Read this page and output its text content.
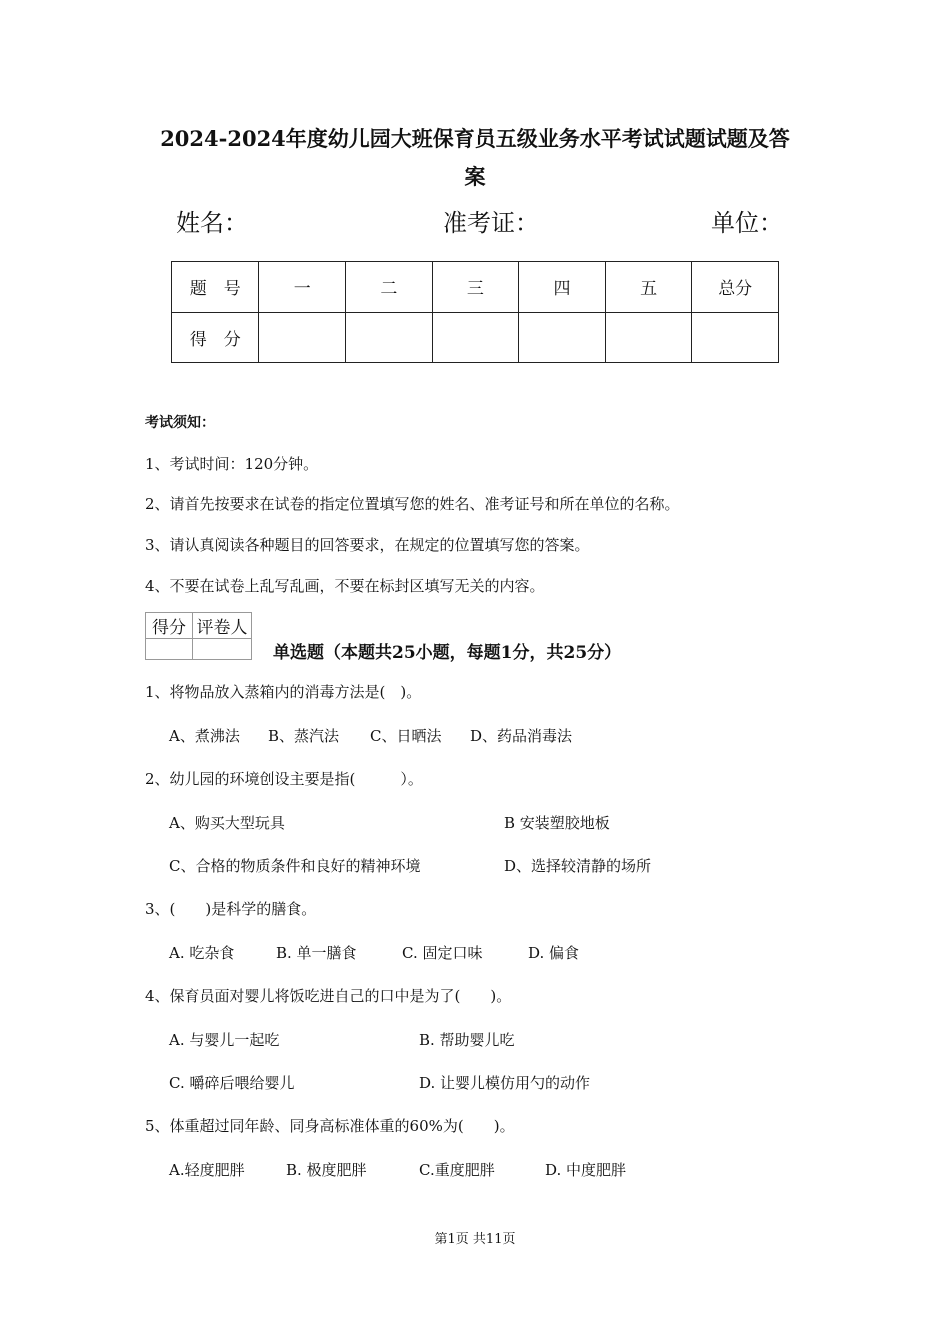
2024-2024年度幼儿园大班保育员五级业务水平考试试题试题及答
案
姓名：	准考证：	单位：
题　号	一	二	三	四	五	总分
得　分						
考试须知：
1、考试时间：120分钟。
2、请首先按要求在试卷的指定位置填写您的姓名、准考证号和所在单位的名称。
3、请认真阅读各种题目的回答要求，在规定的位置填写您的答案。
4、不要在试卷上乱写乱画，不要在标封区填写无关的内容。
得分	评卷人

单选题（本题共25小题，每题1分，共25分）
1、将物品放入蒸箱内的消毒方法是(　)。
A、煮沸法 B、蒸汽法 C、日晒法 D、药品消毒法
2、幼儿园的环境创设主要是指(　　　）。
A、购买大型玩具	B 安装塑胶地板
C、合格的物质条件和良好的精神环境	D、选择较清静的场所
3、(　　)是科学的膳食。
A. 吃杂食	B. 单一膳食	C. 固定口味	D. 偏食
4、保育员面对婴儿将饭吃进自己的口中是为了(　　)。
A. 与婴儿一起吃	B. 帮助婴儿吃
C. 嚼碎后喂给婴儿	D. 让婴儿模仿用勺的动作
5、体重超过同年龄、同身高标准体重的60%为(　　)。
A.轻度肥胖	B. 极度肥胖	C.重度肥胖	D. 中度肥胖
第1页 共11页
